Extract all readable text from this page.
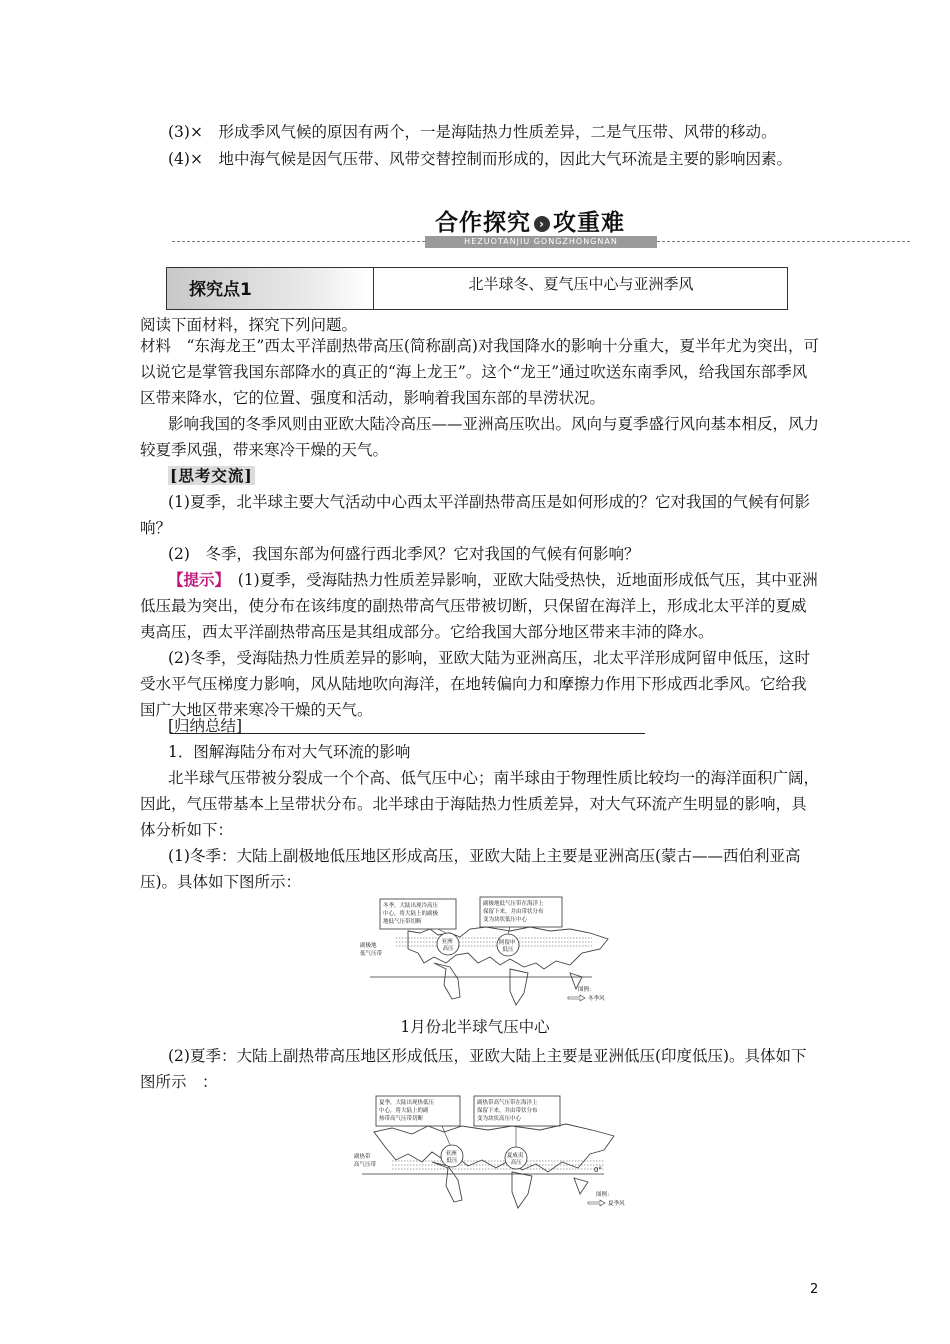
(3)×　形成季风气候的原因有两个，一是海陆热力性质差异，二是气压带、风带的移动。

(4)×　地中海气候是因气压带、风带交替控制而形成的，因此大气环流是主要的影响因素。

合作探究 › 攻重难
HEZUOTANJIU GONGZHONGNAN
探究点1	北半球冬、夏气压中心与亚洲季风

阅读下面材料，探究下列问题。

材料　“东海龙王”西太平洋副热带高压(简称副高)对我国降水的影响十分重大，夏半年尤为突出，可以说它是掌管我国东部降水的真正的“海上龙王”。这个“龙王”通过吹送东南季风，给我国东部季风区带来降水，它的位置、强度和活动，影响着我国东部的旱涝状况。

影响我国的冬季风则由亚欧大陆冷高压——亚洲高压吹出。风向与夏季盛行风向基本相反，风力较夏季风强，带来寒冷干燥的天气。

[思考交流]

(1)夏季，北半球主要大气活动中心西太平洋副热带高压是如何形成的？它对我国的气候有何影响？

(2)　冬季，我国东部为何盛行西北季风？它对我国的气候有何影响？

【提示】　(1)夏季，受海陆热力性质差异影响，亚欧大陆受热快，近地面形成低气压，其中亚洲低压最为突出，使分布在该纬度的副热带高气压带被切断，只保留在海洋上，形成北太平洋的夏威夷高压，西太平洋副热带高压是其组成部分。它给我国大部分地区带来丰沛的降水。

(2)冬季，受海陆热力性质差异的影响，亚欧大陆为亚洲高压，北太平洋形成阿留申低压，这时受水平气压梯度力影响，风从陆地吹向海洋，在地转偏向力和摩擦力作用下形成西北季风。它给我国广大地区带来寒冷干燥的天气。

[归纳总结]

1．图解海陆分布对大气环流的影响

北半球气压带被分裂成一个个高、低气压中心；南半球由于物理性质比较均一的海洋面积广阔，因此，气压带基本上呈带状分布。北半球由于海陆热力性质差异，对大气环流产生明显的影响，具体分析如下：

(1)冬季：大陆上副极地低压地区形成高压，亚欧大陆上主要是亚洲高压(蒙古——西伯利亚高压)。具体如下图所示：

冬季，大陆出现冷高压 中心，将大陆上的副极 地低气压带切断
副极地低气压带在海洋上 保留下来，并由带状分布 变为块状低压中心
副极地 低气压带
亚洲 高压
阿留申 低压
图例：
冬季风
1月份北半球气压中心

(2)夏季：大陆上副热带高压地区形成低压，亚欧大陆上主要是亚洲低压(印度低压)。具体如下图所示　：

夏季，大陆出现热低压 中心，将大陆上的副 热带高气压带切断
副热带高气压带在海洋上 保留下来，并由带状分布 变为块状高压中心
0°
副热带 高气压带
亚洲 低压
夏威夷 高压
图例：
夏季风
2
